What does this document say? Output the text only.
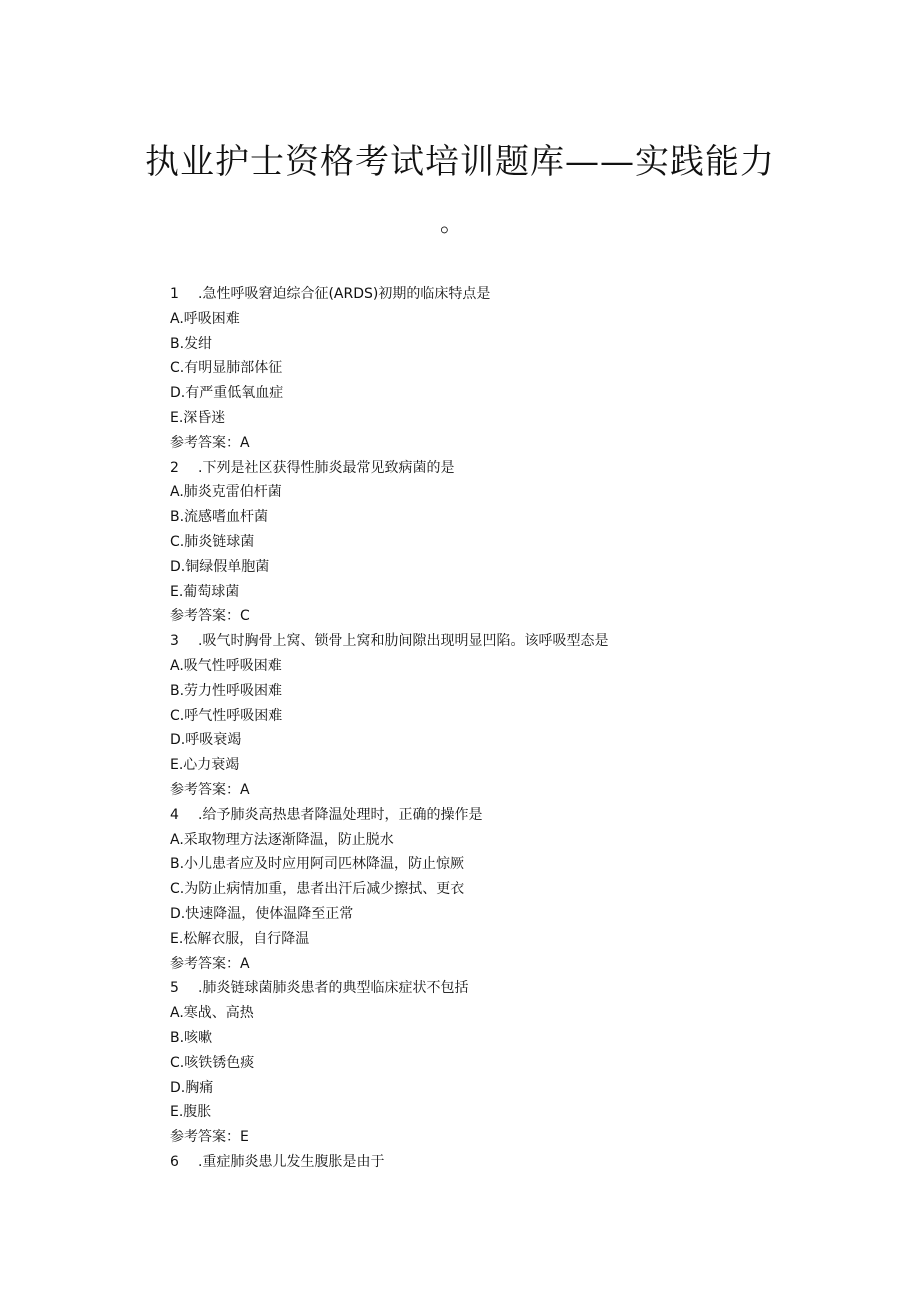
执业护士资格考试培训题库——实践能力
。
1 .急性呼吸窘迫综合征(ARDS)初期的临床特点是
A.呼吸困难
B.发绀
C.有明显肺部体征
D.有严重低氧血症
E.深昏迷
参考答案：A
2 .下列是社区获得性肺炎最常见致病菌的是
A.肺炎克雷伯杆菌
B.流感嗜血杆菌
C.肺炎链球菌
D.铜绿假单胞菌
E.葡萄球菌
参考答案：C
3 .吸气时胸骨上窝、锁骨上窝和肋间隙出现明显凹陷。该呼吸型态是
A.吸气性呼吸困难
B.劳力性呼吸困难
C.呼气性呼吸困难
D.呼吸衰竭
E.心力衰竭
参考答案：A
4 .给予肺炎高热患者降温处理时，正确的操作是
A.采取物理方法逐渐降温，防止脱水
B.小儿患者应及时应用阿司匹林降温，防止惊厥
C.为防止病情加重，患者出汗后减少擦拭、更衣
D.快速降温，使体温降至正常
E.松解衣服，自行降温
参考答案：A
5 .肺炎链球菌肺炎患者的典型临床症状不包括
A.寒战、高热
B.咳嗽
C.咳铁锈色痰
D.胸痛
E.腹胀
参考答案：E
6 .重症肺炎患儿发生腹胀是由于
